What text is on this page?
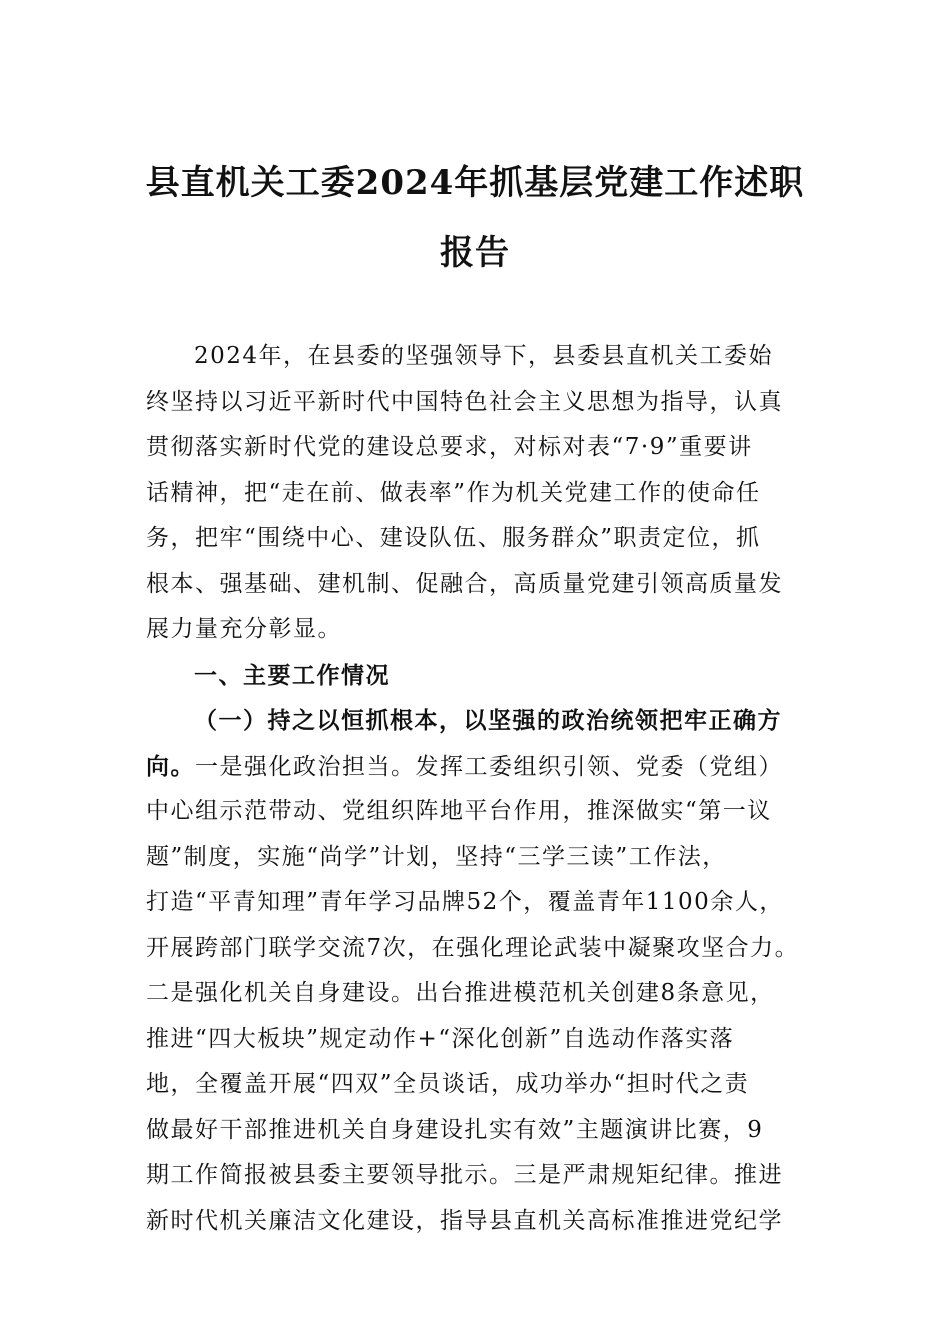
县直机关工委2024年抓基层党建工作述职
报告
2024年，在县委的坚强领导下，县委县直机关工委始
终坚持以习近平新时代中国特色社会主义思想为指导，认真
贯彻落实新时代党的建设总要求，对标对表“7·9”重要讲
话精神，把“走在前、做表率”作为机关党建工作的使命任
务，把牢“围绕中心、建设队伍、服务群众”职责定位，抓
根本、强基础、建机制、促融合，高质量党建引领高质量发
展力量充分彰显。
一、主要工作情况
（一）持之以恒抓根本，以坚强的政治统领把牢正确方
向。一是强化政治担当。发挥工委组织引领、党委（党组）
中心组示范带动、党组织阵地平台作用，推深做实“第一议
题”制度，实施“尚学”计划，坚持“三学三读”工作法，
打造“平青知理”青年学习品牌52个，覆盖青年1100余人，
开展跨部门联学交流7次，在强化理论武装中凝聚攻坚合力。
二是强化机关自身建设。出台推进模范机关创建8条意见，
推进“四大板块”规定动作+“深化创新”自选动作落实落
地，全覆盖开展“四双”全员谈话，成功举办“担时代之责
做最好干部推进机关自身建设扎实有效”主题演讲比赛，9
期工作简报被县委主要领导批示。三是严肃规矩纪律。推进
新时代机关廉洁文化建设，指导县直机关高标准推进党纪学
